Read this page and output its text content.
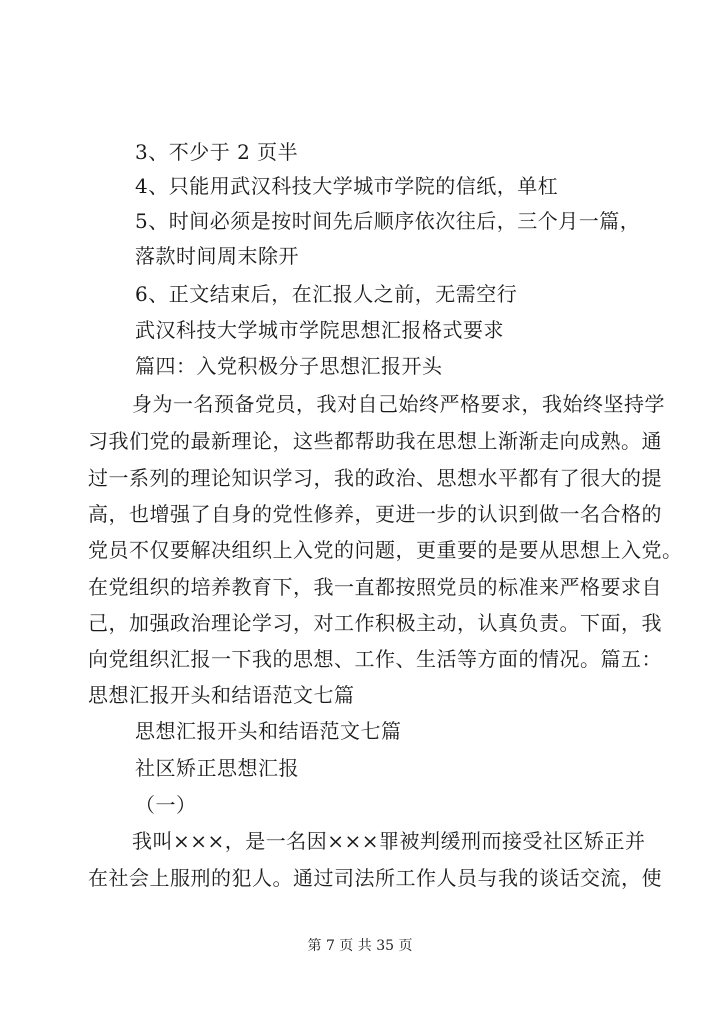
3、不少于 2 页半
4、只能用武汉科技大学城市学院的信纸，单杠
5、时间必须是按时间先后顺序依次往后，三个月一篇，
落款时间周末除开
6、正文结束后，在汇报人之前，无需空行
武汉科技大学城市学院思想汇报格式要求
篇四：入党积极分子思想汇报开头
身为一名预备党员，我对自己始终严格要求，我始终坚持学
习我们党的最新理论，这些都帮助我在思想上渐渐走向成熟。通
过一系列的理论知识学习，我的政治、思想水平都有了很大的提
高，也增强了自身的党性修养，更进一步的认识到做一名合格的
党员不仅要解决组织上入党的问题，更重要的是要从思想上入党。
在党组织的培养教育下，我一直都按照党员的标准来严格要求自
己，加强政治理论学习，对工作积极主动，认真负责。下面，我
向党组织汇报一下我的思想、工作、生活等方面的情况。篇五：
思想汇报开头和结语范文七篇
思想汇报开头和结语范文七篇
社区矫正思想汇报
（一）
我叫×××，是一名因×××罪被判缓刑而接受社区矫正并
在社会上服刑的犯人。通过司法所工作人员与我的谈话交流，使
第 7 页 共 35 页
